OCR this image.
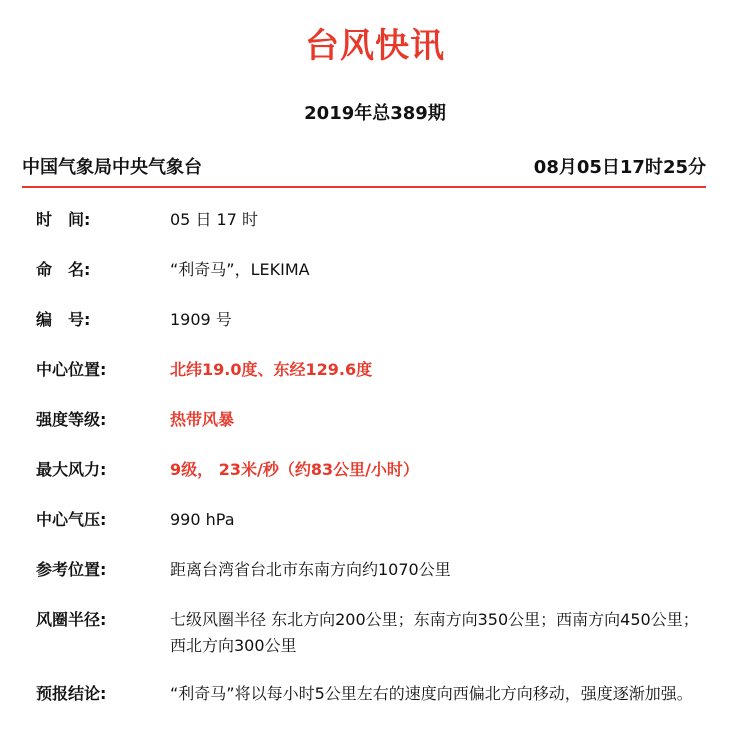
台风快讯
2019年总389期
中国气象局中央气象台	08月05日17时25分
时　间:	05 日 17 时
命　名:	“利奇马”，LEKIMA
编　号:	1909 号
中心位置:	北纬19.0度、东经129.6度
强度等级:	热带风暴
最大风力:	9级， 23米/秒（约83公里/小时）
中心气压:	990 hPa
参考位置:	距离台湾省台北市东南方向约1070公里
风圈半径:	七级风圈半径 东北方向200公里；东南方向350公里；西南方向450公里；西北方向300公里
预报结论:	“利奇马”将以每小时5公里左右的速度向西偏北方向移动，强度逐渐加强。
